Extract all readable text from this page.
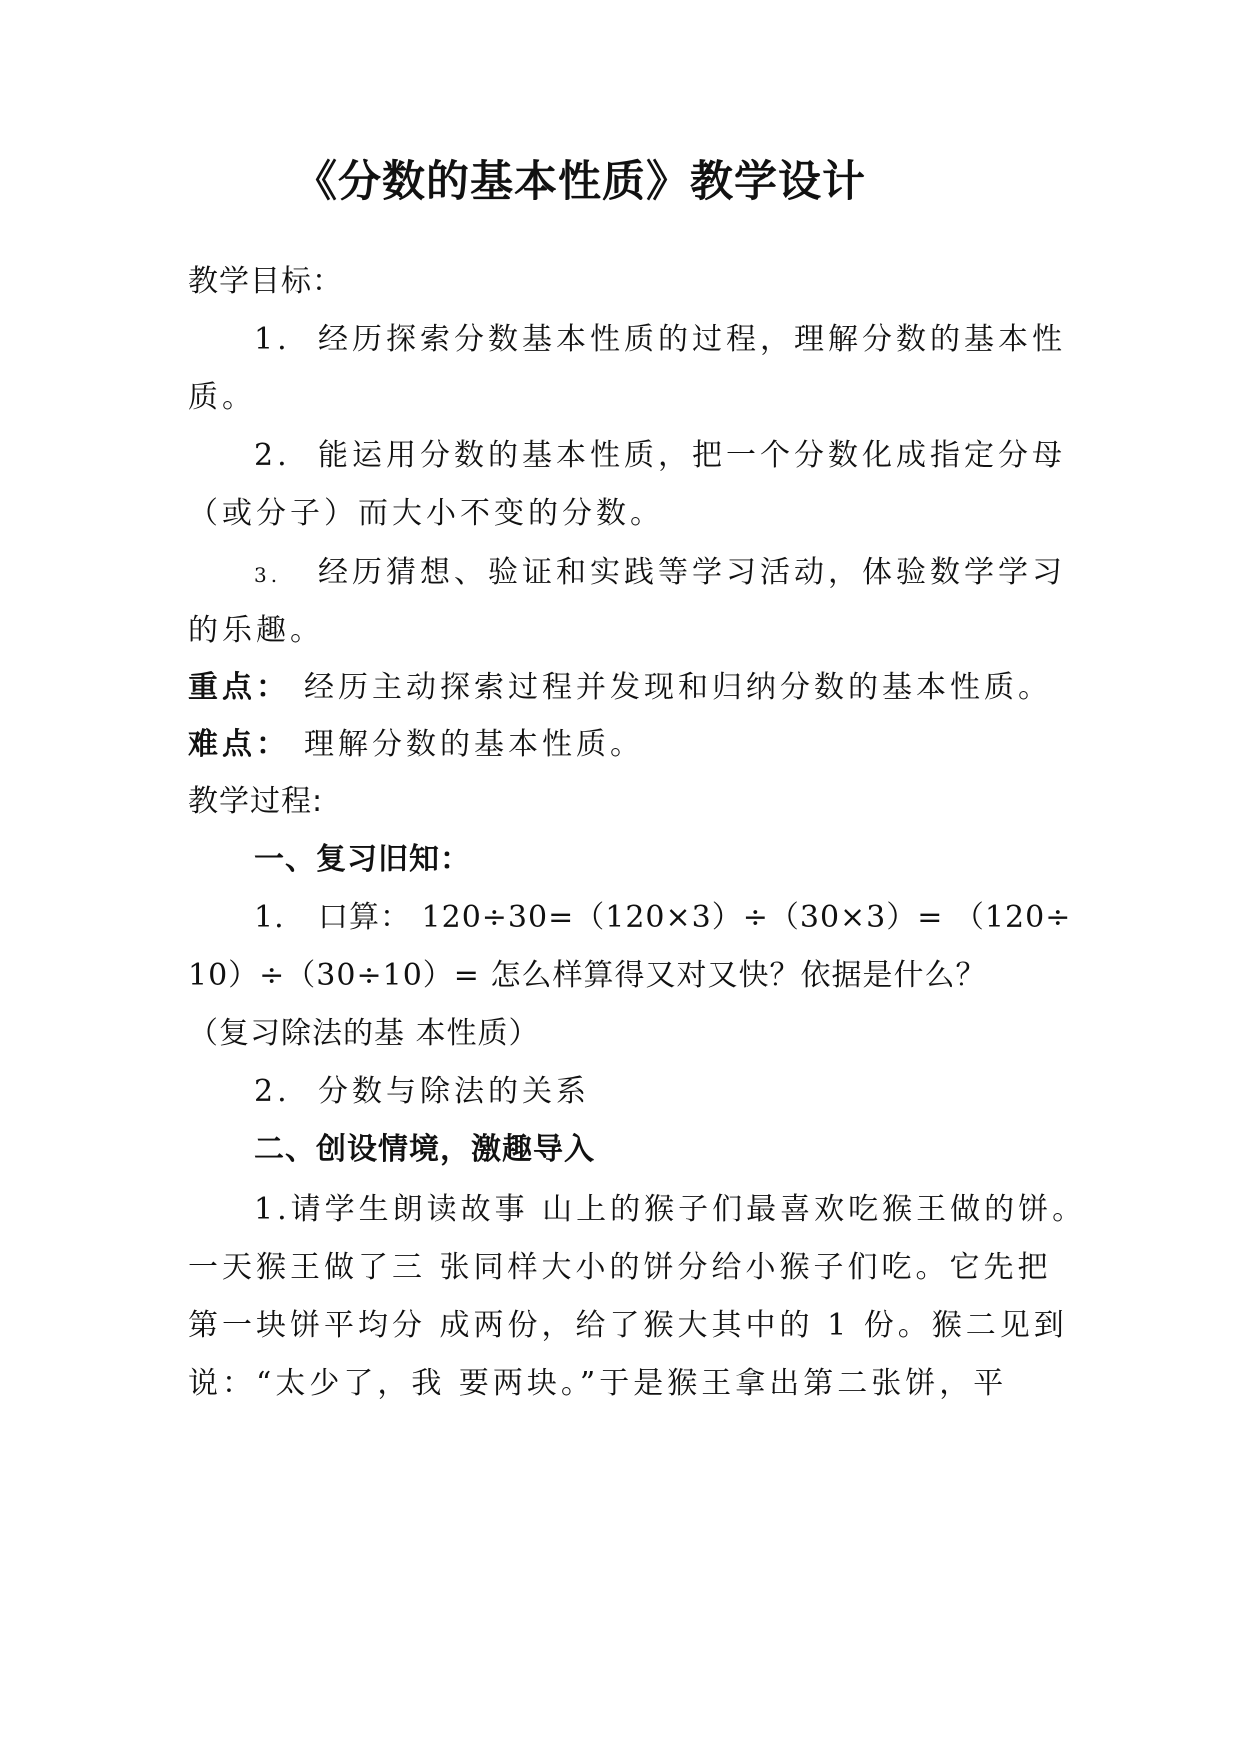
《分数的基本性质》教学设计
教学目标：
1. 经历探索分数基本性质的过程，理解分数的基本性
质。
2. 能运用分数的基本性质，把一个分数化成指定分母
（或分子）而大小不变的分数。
3. 经历猜想、验证和实践等学习活动，体验数学学习
的乐趣。
重点： 经历主动探索过程并发现和归纳分数的基本性质。
难点： 理解分数的基本性质。
教学过程:
一、复习旧知：
1. 口算： 120÷30=（120×3）÷（30×3）= （120÷
10）÷（30÷10）= 怎么样算得又对又快？依据是什么？
（复习除法的基 本性质）
2. 分数与除法的关系
二、创设情境，激趣导入
1.请学生朗读故事 山上的猴子们最喜欢吃猴王做的饼。
一天猴王做了三 张同样大小的饼分给小猴子们吃。它先把
第一块饼平均分 成两份，给了猴大其中的 1 份。猴二见到
说：“太少了，我 要两块。”于是猴王拿出第二张饼，平
